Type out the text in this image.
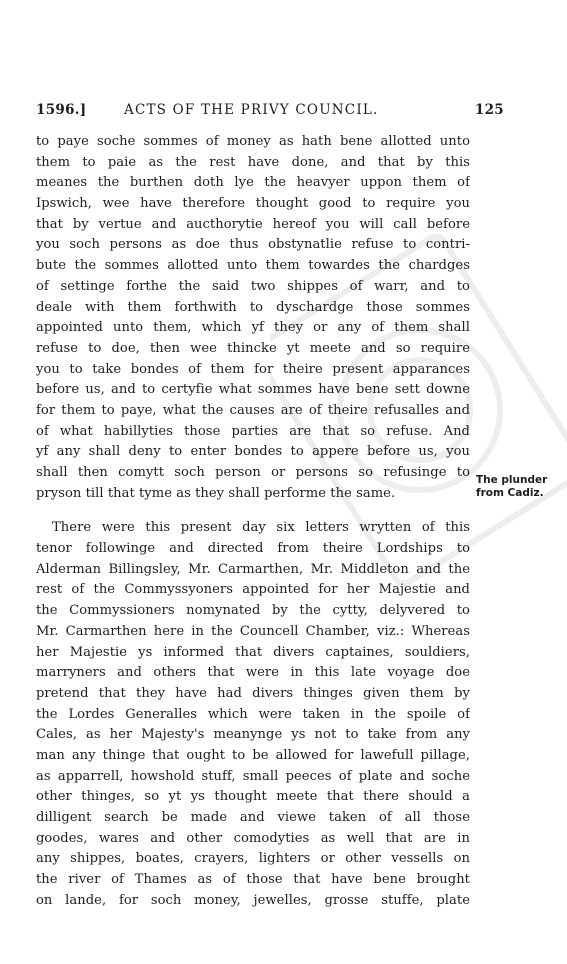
1596.]	ACTS OF THE PRIVY COUNCIL.	125
to paye soche sommes of money as hath bene allotted unto
them to paie as the rest have done, and that by this
meanes the burthen doth lye the heavyer uppon them of
Ipswich, wee have therefore thought good to require you
that by vertue and aucthorytie hereof you will call before
you soch persons as doe thus obstynatlie refuse to contri-
bute the sommes allotted unto them towardes the chardges
of settinge forthe the said two shippes of warr, and to
deale with them forthwith to dyschardge those sommes
appointed unto them, which yf they or any of them shall
refuse to doe, then wee thincke yt meete and so require
you to take bondes of them for theire present apparances
before us, and to certyfie what sommes have bene sett downe
for them to paye, what the causes are of theire refusalles and
of what habillyties those parties are that so refuse. And
yf any shall deny to enter bondes to appere before us, you
shall then comytt soch person or persons so refusinge to
pryson till that tyme as they shall performe the same.
There were this present day six letters wrytten of this
tenor followinge and directed from theire Lordships to
Alderman Billingsley, Mr. Carmarthen, Mr. Middleton and the
rest of the Commyssyoners appointed for her Majestie and
the Commyssioners nomynated by the cytty, delyvered to
Mr. Carmarthen here in the Councell Chamber, viz.: Whereas
her Majestie ys informed that divers captaines, souldiers,
marryners and others that were in this late voyage doe
pretend that they have had divers thinges given them by
the Lordes Generalles which were taken in the spoile of
Cales, as her Majesty's meanynge ys not to take from any
man any thinge that ought to be allowed for lawefull pillage,
as apparrell, howshold stuff, small peeces of plate and soche
other thinges, so yt ys thought meete that there should a
dilligent search be made and viewe taken of all those
goodes, wares and other comodyties as well that are in
any shippes, boates, crayers, lighters or other vessells on
the river of Thames as of those that have bene brought
on lande, for soch money, jewelles, grosse stuffe, plate
The plunder
from Cadiz.
